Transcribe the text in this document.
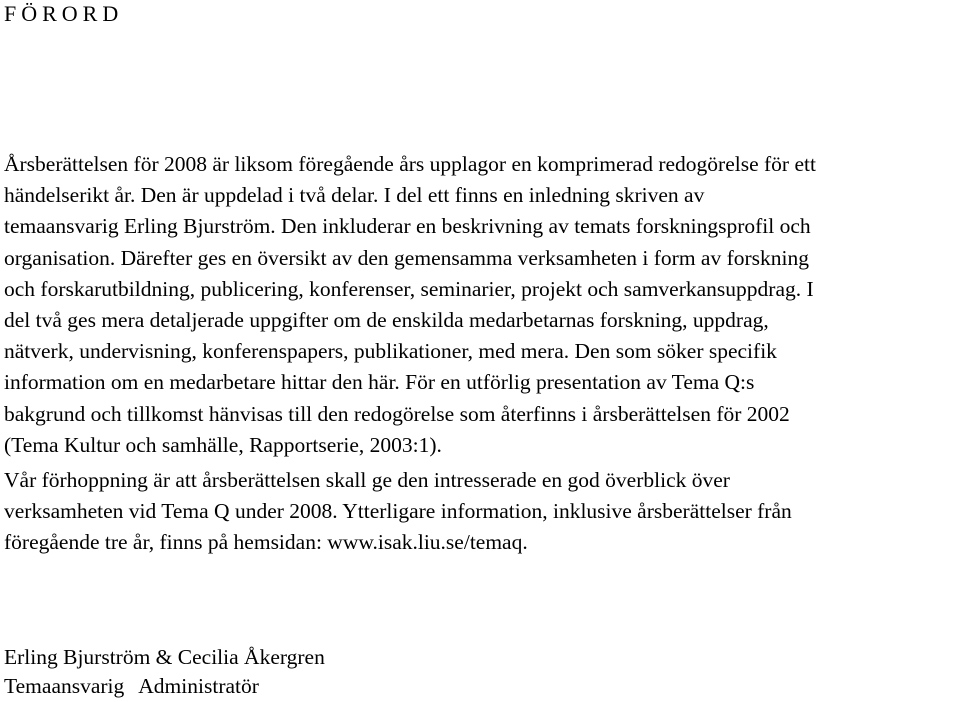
FÖRORD
Årsberättelsen för 2008 är liksom föregående års upplagor en komprimerad redogörelse för ett
händelserikt år. Den är uppdelad i två delar. I del ett finns en inledning skriven av
temaansvarig Erling Bjurström. Den inkluderar en beskrivning av temats forskningsprofil och
organisation. Därefter ges en översikt av den gemensamma verksamheten i form av forskning
och forskarutbildning, publicering, konferenser, seminarier, projekt och samverkansuppdrag. I
del två ges mera detaljerade uppgifter om de enskilda medarbetarnas forskning, uppdrag,
nätverk, undervisning, konferenspapers, publikationer, med mera. Den som söker specifik
information om en medarbetare hittar den här. För en utförlig presentation av Tema Q:s
bakgrund och tillkomst hänvisas till den redogörelse som återfinns i årsberättelsen för 2002
(Tema Kultur och samhälle, Rapportserie, 2003:1).
Vår förhoppning är att årsberättelsen skall ge den intresserade en god överblick över
verksamheten vid Tema Q under 2008. Ytterligare information, inklusive årsberättelser från
föregående tre år, finns på hemsidan: www.isak.liu.se/temaq.

Erling Bjurström & Cecilia Åkergren

Temaansvarig Administratör
